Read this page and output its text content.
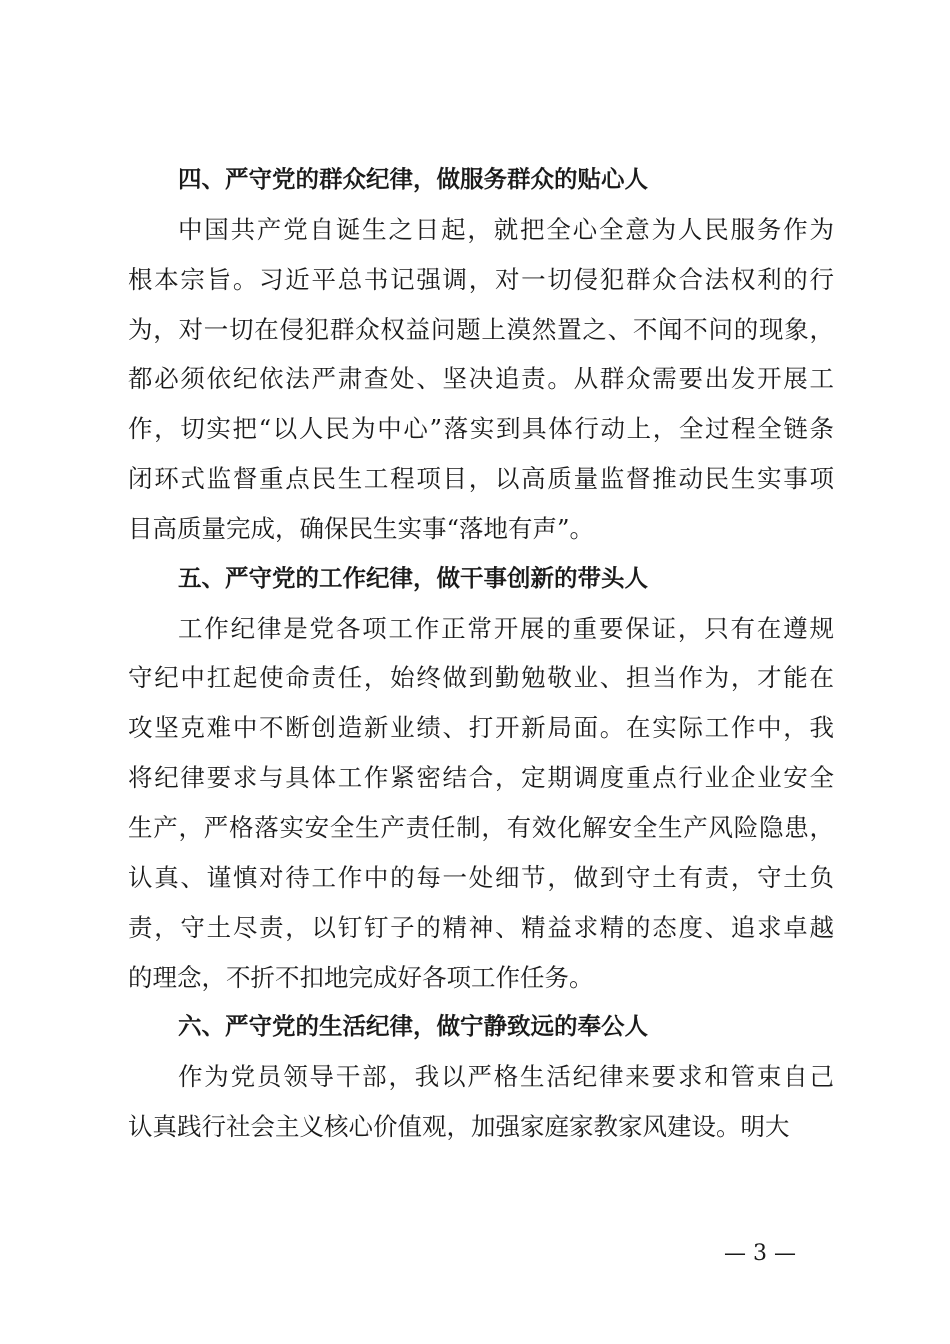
四、严守党的群众纪律，做服务群众的贴心人
中国共产党自诞生之日起，就把全心全意为人民服务作为
根本宗旨。习近平总书记强调，对一切侵犯群众合法权利的行
为，对一切在侵犯群众权益问题上漠然置之、不闻不问的现象，
都必须依纪依法严肃查处、坚决追责。从群众需要出发开展工
作，切实把“以人民为中心”落实到具体行动上，全过程全链条
闭环式监督重点民生工程项目，以高质量监督推动民生实事项
目高质量完成，确保民生实事“落地有声”。
五、严守党的工作纪律，做干事创新的带头人
工作纪律是党各项工作正常开展的重要保证，只有在遵规
守纪中扛起使命责任，始终做到勤勉敬业、担当作为，才能在
攻坚克难中不断创造新业绩、打开新局面。在实际工作中，我
将纪律要求与具体工作紧密结合，定期调度重点行业企业安全
生产，严格落实安全生产责任制，有效化解安全生产风险隐患，
认真、谨慎对待工作中的每一处细节，做到守土有责，守土负
责，守土尽责，以钉钉子的精神、精益求精的态度、追求卓越
的理念，不折不扣地完成好各项工作任务。
六、严守党的生活纪律，做宁静致远的奉公人
作为党员领导干部，我以严格生活纪律来要求和管束自己
认真践行社会主义核心价值观，加强家庭家教家风建设。明大
— 3 —
